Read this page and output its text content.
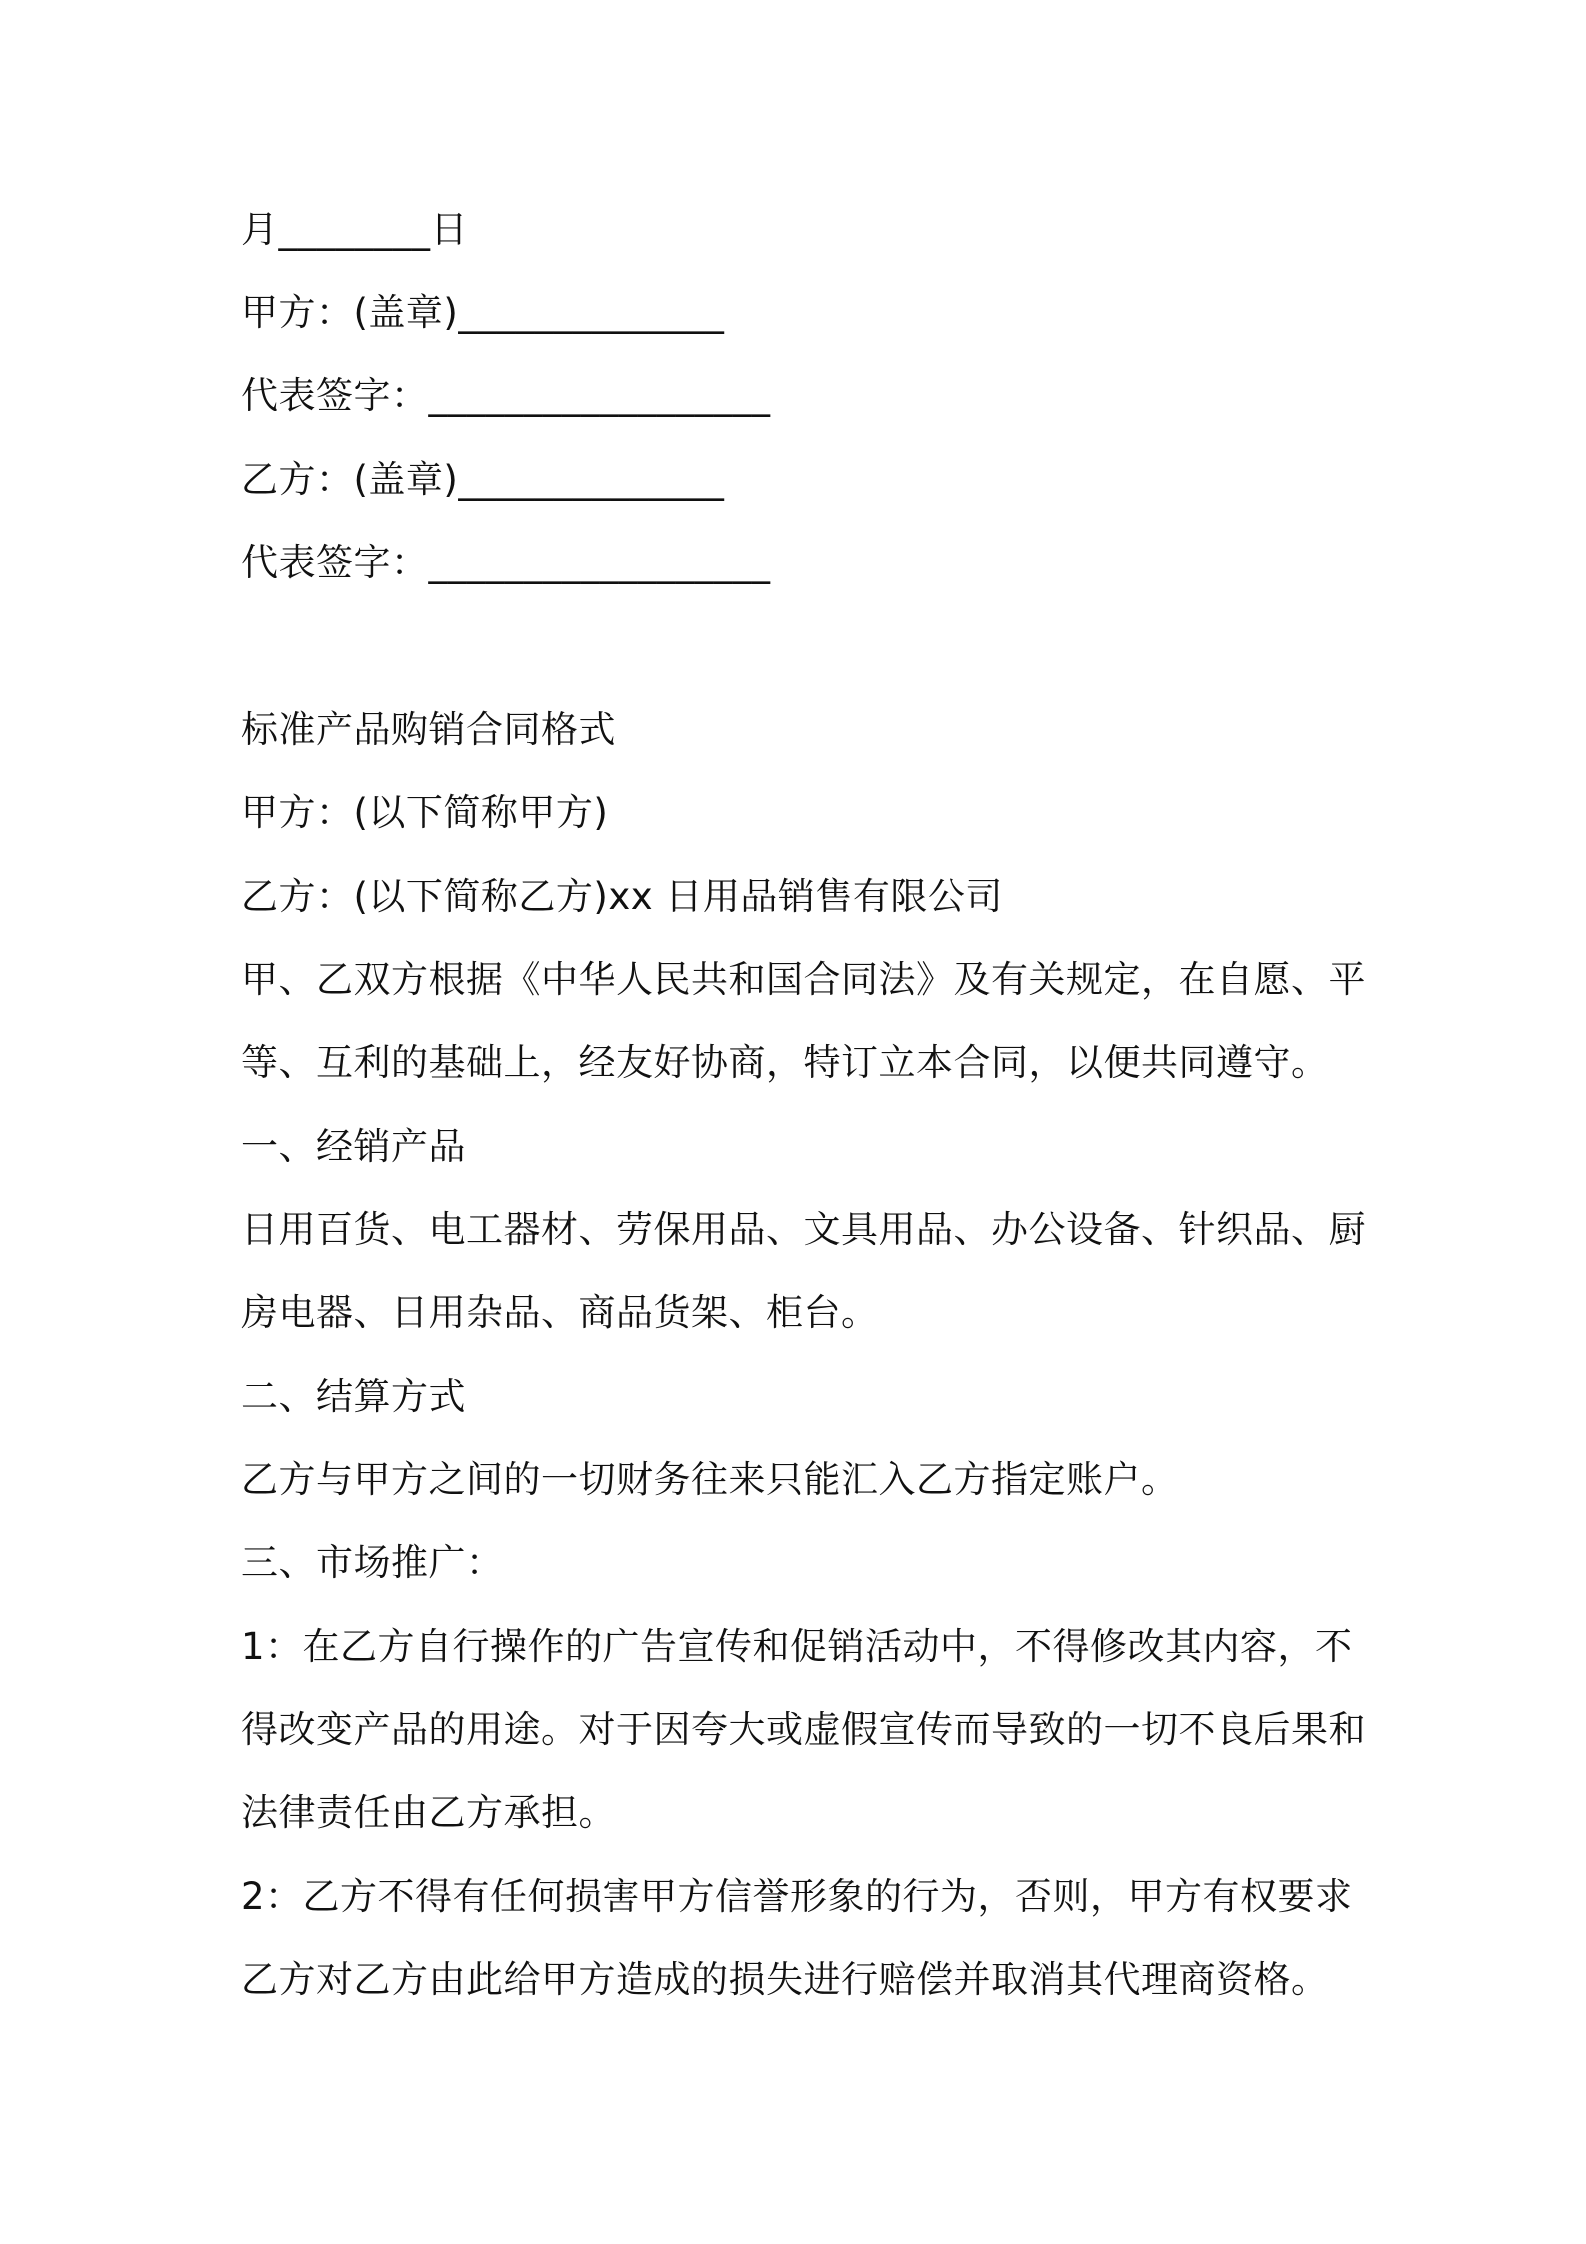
月________日
甲方：(盖章)______________
代表签字：__________________
乙方：(盖章)______________
代表签字：__________________
标准产品购销合同格式
甲方：(以下简称甲方)
乙方：(以下简称乙方)xx 日用品销售有限公司
甲、乙双方根据《中华人民共和国合同法》及有关规定，在自愿、平
等、互利的基础上，经友好协商，特订立本合同，以便共同遵守。
一、经销产品
日用百货、电工器材、劳保用品、文具用品、办公设备、针织品、厨
房电器、日用杂品、商品货架、柜台。
二、结算方式
乙方与甲方之间的一切财务往来只能汇入乙方指定账户。
三、市场推广：
1：在乙方自行操作的广告宣传和促销活动中，不得修改其内容，不
得改变产品的用途。对于因夸大或虚假宣传而导致的一切不良后果和
法律责任由乙方承担。
2：乙方不得有任何损害甲方信誉形象的行为，否则，甲方有权要求
乙方对乙方由此给甲方造成的损失进行赔偿并取消其代理商资格。
